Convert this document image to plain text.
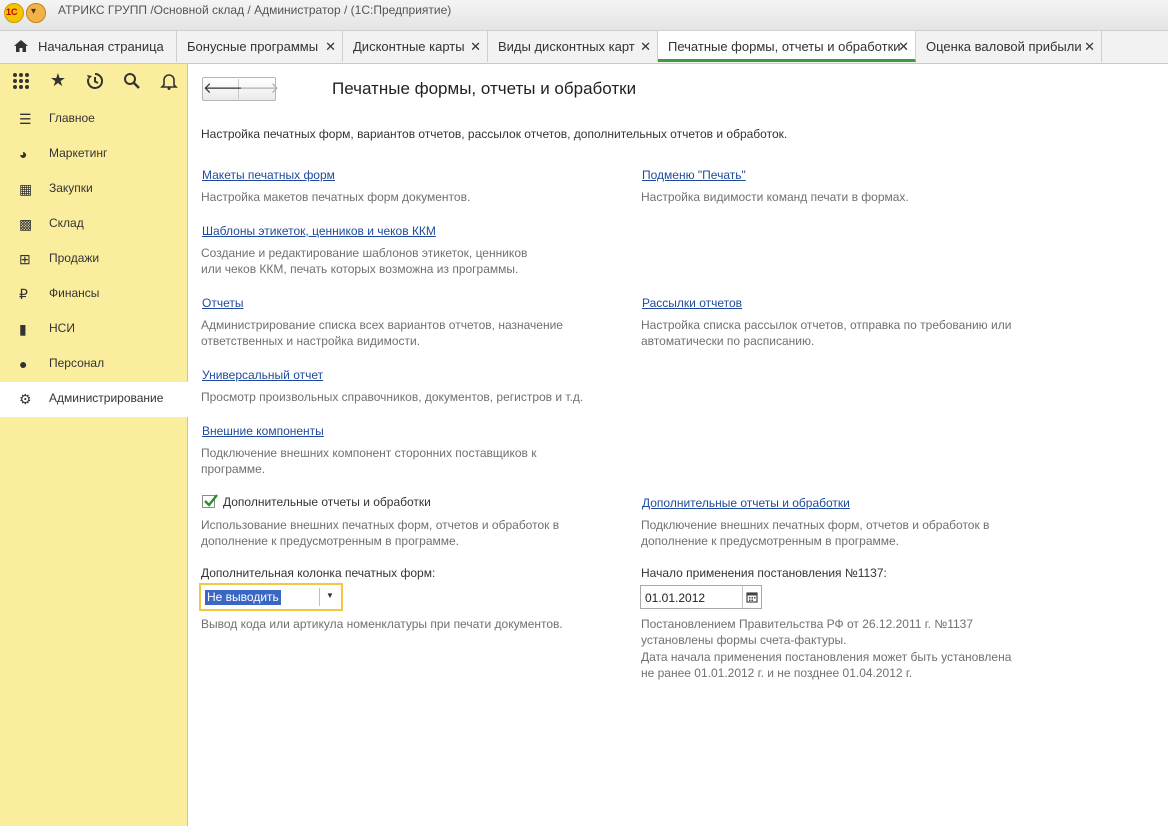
1С ▾ АТРИКС ГРУПП /Основной склад / Администратор / (1С:Предприятие)
Начальная страница Бонусные программы ✕ Дисконтные карты ✕ Виды дисконтных карт ✕ Печатные формы, отчеты и обработки
✕ Оценка валовой прибыли ✕
★
☰ Главное
◕	Маркетинг
▦ Закупки
▩ Склад
⊞	Продажи
₽	Финансы
▮	НСИ
●	Персонал
⚙ Администрирование
🡐
🡒	Печатные формы, отчеты и обработки
Настройка печатных форм, вариантов отчетов, рассылок отчетов, дополнительных отчетов и обработок.
Макеты печатных форм
Настройка макетов печатных форм документов.
Шаблоны этикеток, ценников и чеков ККМ
Создание и редактирование шаблонов этикеток, ценников
или чеков ККМ, печать которых возможна из программы.
Отчеты
Администрирование списка всех вариантов отчетов, назначение
ответственных и настройка видимости.
Универсальный отчет
Просмотр произвольных справочников, документов, регистров и т.д.
Внешние компоненты
Подключение внешних компонент сторонних поставщиков к
программе.
Дополнительные отчеты и обработки
Использование внешних печатных форм, отчетов и обработок в
дополнение к предусмотренным в программе.
Дополнительная колонка печатных форм:
Не выводить	▼
Вывод кода или артикула номенклатуры при печати документов.
Подменю "Печать"
Настройка видимости команд печати в формах.
Рассылки отчетов
Настройка списка рассылок отчетов, отправка по требованию или
автоматически по расписанию.
Дополнительные отчеты и обработки
Подключение внешних печатных форм, отчетов и обработок в
дополнение к предусмотренным в программе.
Начало применения постановления №1137:
01.01.2012
Постановлением Правительства РФ от 26.12.2011 г. №1137
установлены формы счета-фактуры.
Дата начала применения постановления может быть установлена
не ранее 01.01.2012 г. и не позднее 01.04.2012 г.
